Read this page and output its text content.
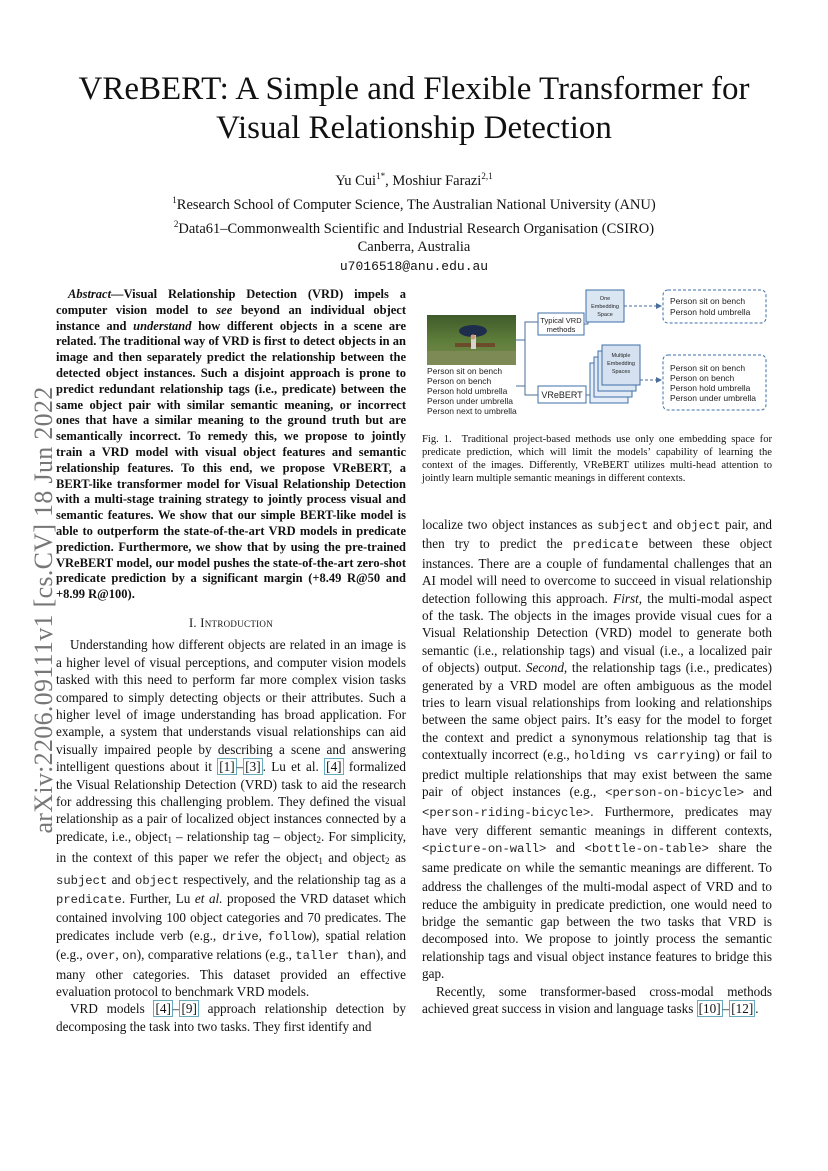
arXiv:2206.09111v1 [cs.CV] 18 Jun 2022
VReBERT: A Simple and Flexible Transformer for
Visual Relationship Detection
Yu Cui$^{1*}$, Moshiur Farazi$^{2,1}$
$^1$Research School of Computer Science, The Australian National University (ANU)
$^2$Data61–Commonwealth Scientific and Industrial Research Organisation (CSIRO)
Canberra, Australia
u7016518@anu.edu.au

Abstract—Visual Relationship Detection (VRD) impels a computer vision model to see beyond an individual object instance and understand how different objects in a scene are related. The traditional way of VRD is first to detect objects in an image and then separately predict the relationship between the detected object instances. Such a disjoint approach is prone to predict redundant relationship tags (i.e., predicate) between the same object pair with similar semantic meaning, or incorrect ones that have a similar meaning to the ground truth but are semantically incorrect. To remedy this, we propose to jointly train a VRD model with visual object features and semantic relationship features. To this end, we propose VReBERT, a BERT-like transformer model for Visual Relationship Detection with a multi-stage training strategy to jointly process visual and semantic features. We show that our simple BERT-like model is able to outperform the state-of-the-art VRD models in predicate prediction. Furthermore, we show that by using the pre-trained VReBERT model, our model pushes the state-of-the-art zero-shot predicate prediction by a significant margin (+8.49 R@50 and +8.99 R@100).

I. Introduction

Understanding how different objects are related in an image is a higher level of visual perceptions, and computer vision models tasked with this need to perform far more complex vision tasks compared to simply detecting objects or their attributes. Such a higher level of image understanding has broad application. For example, a system that understands visual relationships can aid visually impaired people by describing a scene and answering intelligent questions about it [1] – [3] . Lu et al. [4] formalized the Visual Relationship Detection (VRD) task to aid the research for addressing this challenging problem. They defined the visual relationship as a pair of localized object instances connected by a predicate, i.e., object$_1$ – relationship tag – object$_2$. For simplicity, in the context of this paper we refer the object$_1$ and object$_2$ as subject and object respectively, and the relationship tag as a predicate. Further, Lu et al. proposed the VRD dataset which contained involving 100 object categories and 70 predicates. The predicates include verb (e.g., drive, follow), spatial relation (e.g., over, on), comparative relations (e.g., taller than), and many other categories. This dataset provided an effective evaluation protocol to benchmark VRD models.

VRD models [4] – [9] approach relationship detection by decomposing the task into two tasks. They first identify and

Person sit on bench
Person on bench
Person hold umbrella
Person under umbrella
Person next to umbrella
Typical VRD
methods
One
Embedding
Space
Person sit on bench
Person hold umbrella
VReBERT
Multiple
Embedding
Spaces	Person sit on bench
Person on bench
Person hold umbrella
Person under umbrella
Fig. 1. Traditional project-based methods use only one embedding space for predicate prediction, which will limit the models’ capability of learning the context of the images. Differently, VReBERT utilizes multi-head attention to jointly learn multiple semantic meanings in different contexts.

localize two object instances as subject and object pair, and then try to predict the predicate between these object instances. There are a couple of fundamental challenges that an AI model will need to overcome to succeed in visual relationship detection following this approach. First, the multi-modal aspect of the task. The objects in the images provide visual cues for a Visual Relationship Detection (VRD) model to generate both semantic (i.e., relationship tags) and visual (i.e., a localized pair of objects) output. Second, the relationship tags (i.e., predicates) generated by a VRD model are often ambiguous as the model tries to learn visual relationships from looking and relationships between the same object pairs. It’s easy for the model to forget the context and predict a synonymous relationship tag that is contextually incorrect (e.g., holding vs carrying) or fail to predict multiple relationships that may exist between the same pair of object instances (e.g., <person-on-bicycle> and <person-riding-bicycle>. Furthermore, predicates may have very different semantic meanings in different contexts, <picture-on-wall> and <bottle-on-table> share the same predicate on while the semantic meanings are different. To address the challenges of the multi-modal aspect of VRD and to reduce the ambiguity in predicate prediction, one would need to bridge the semantic gap between the two tasks that VRD is decomposed into. We propose to jointly process the semantic relationship tags and visual object instance features to bridge this gap.

Recently, some transformer-based cross-modal methods achieved great success in vision and language tasks [10] – [12] .
